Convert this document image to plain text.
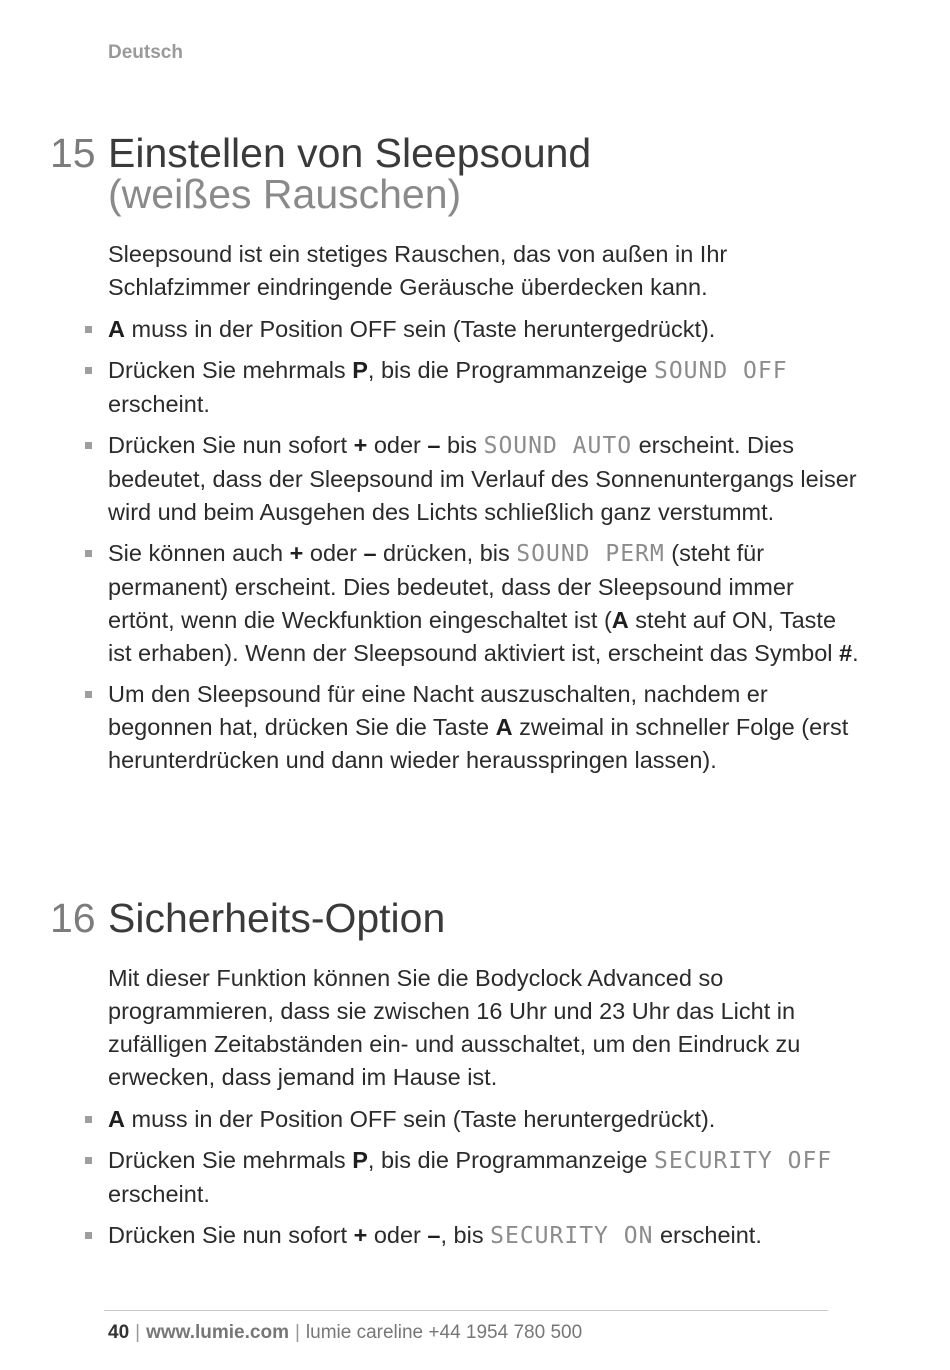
Deutsch
15 Einstellen von Sleepsound
(weißes Rauschen)

Sleepsound ist ein stetiges Rauschen, das von außen in Ihr Schlafzimmer eindringende Geräusche überdecken kann.

A muss in der Position OFF sein (Taste heruntergedrückt).
Drücken Sie mehrmals P, bis die Programmanzeige SOUND OFF erscheint.
Drücken Sie nun sofort + oder – bis SOUND AUTO erscheint. Dies bedeutet, dass der Sleepsound im Verlauf des Sonnenuntergangs leiser wird und beim Ausgehen des Lichts schließlich ganz verstummt.
Sie können auch + oder – drücken, bis SOUND PERM (steht für permanent) erscheint. Dies bedeutet, dass der Sleepsound immer ertönt, wenn die Weckfunktion eingeschaltet ist (A steht auf ON, Taste ist erhaben). Wenn der Sleepsound aktiviert ist, erscheint das Symbol #.
Um den Sleepsound für eine Nacht auszuschalten, nachdem er begonnen hat, drücken Sie die Taste A zweimal in schneller Folge (erst herunterdrücken und dann wieder herausspringen lassen).
16 Sicherheits-Option

Mit dieser Funktion können Sie die Bodyclock Advanced so programmieren, dass sie zwischen 16 Uhr und 23 Uhr das Licht in zufälligen Zeitabständen ein- und ausschaltet, um den Eindruck zu erwecken, dass jemand im Hause ist.

A muss in der Position OFF sein (Taste heruntergedrückt).
Drücken Sie mehrmals P, bis die Programmanzeige SECURITY OFF erscheint.
Drücken Sie nun sofort + oder –, bis SECURITY ON erscheint.
40 | www.lumie.com | lumie careline +44 1954 780 500
